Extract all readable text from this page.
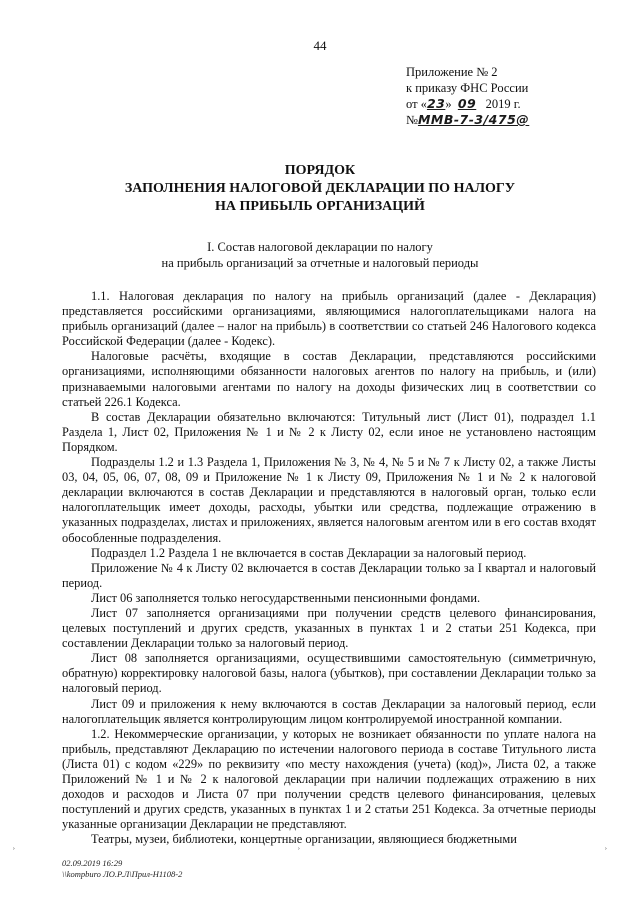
44
Приложение № 2
к приказу ФНС России
от «23» 09 2019 г.
№ММВ-7-3/475@
ПОРЯДОК
ЗАПОЛНЕНИЯ НАЛОГОВОЙ ДЕКЛАРАЦИИ ПО НАЛОГУ
НА ПРИБЫЛЬ ОРГАНИЗАЦИЙ
I. Состав налоговой декларации по налогу
на прибыль организаций за отчетные и налоговый периоды

1.1. Налоговая декларация по налогу на прибыль организаций (далее - Декларация) представляется российскими организациями, являющимися налогоплательщиками налога на прибыль организаций (далее – налог на прибыль) в соответствии со статьей 246 Налогового кодекса Российской Федерации (далее - Кодекс).

Налоговые расчёты, входящие в состав Декларации, представляются российскими организациями, исполняющими обязанности налоговых агентов по налогу на прибыль, и (или) признаваемыми налоговыми агентами по налогу на доходы физических лиц в соответствии со статьей 226.1 Кодекса.

В состав Декларации обязательно включаются: Титульный лист (Лист 01), подраздел 1.1 Раздела 1, Лист 02, Приложения № 1 и № 2 к Листу 02, если иное не установлено настоящим Порядком.

Подразделы 1.2 и 1.3 Раздела 1, Приложения № 3, № 4, № 5 и № 7 к Листу 02, а также Листы 03, 04, 05, 06, 07, 08, 09 и Приложение № 1 к Листу 09, Приложения № 1 и № 2 к налоговой декларации включаются в состав Декларации и представляются в налоговый орган, только если налогоплательщик имеет доходы, расходы, убытки или средства, подлежащие отражению в указанных подразделах, листах и приложениях, является налоговым агентом или в его состав входят обособленные подразделения.

Подраздел 1.2 Раздела 1 не включается в состав Декларации за налоговый период.

Приложение № 4 к Листу 02 включается в состав Декларации только за I квартал и налоговый период.

Лист 06 заполняется только негосударственными пенсионными фондами.

Лист 07 заполняется организациями при получении средств целевого финансирования, целевых поступлений и других средств, указанных в пунктах 1 и 2 статьи 251 Кодекса, при составлении Декларации только за налоговый период.

Лист 08 заполняется организациями, осуществившими самостоятельную (симметричную, обратную) корректировку налоговой базы, налога (убытков), при составлении Декларации только за налоговый период.

Лист 09 и приложения к нему включаются в состав Декларации за налоговый период, если налогоплательщик является контролирующим лицом контролируемой иностранной компании.

1.2. Некоммерческие организации, у которых не возникает обязанности по уплате налога на прибыль, представляют Декларацию по истечении налогового периода в составе Титульного листа (Листа 01) с кодом «229» по реквизиту «по месту нахождения (учета) (код)», Листа 02, а также Приложений № 1 и № 2 к налоговой декларации при наличии подлежащих отражению в них доходов и расходов и Листа 07 при получении средств целевого финансирования, целевых поступлений и других средств, указанных в пунктах 1 и 2 статьи 251 Кодекса. За отчетные периоды указанные организации Декларации не представляют.

Театры, музеи, библиотеки, концертные организации, являющиеся бюджетными

ʾ	ʾ	ʾ
02.09.2019 16:29
\\kompburo ЛО.Р.Л\Прил-Н1108-2
